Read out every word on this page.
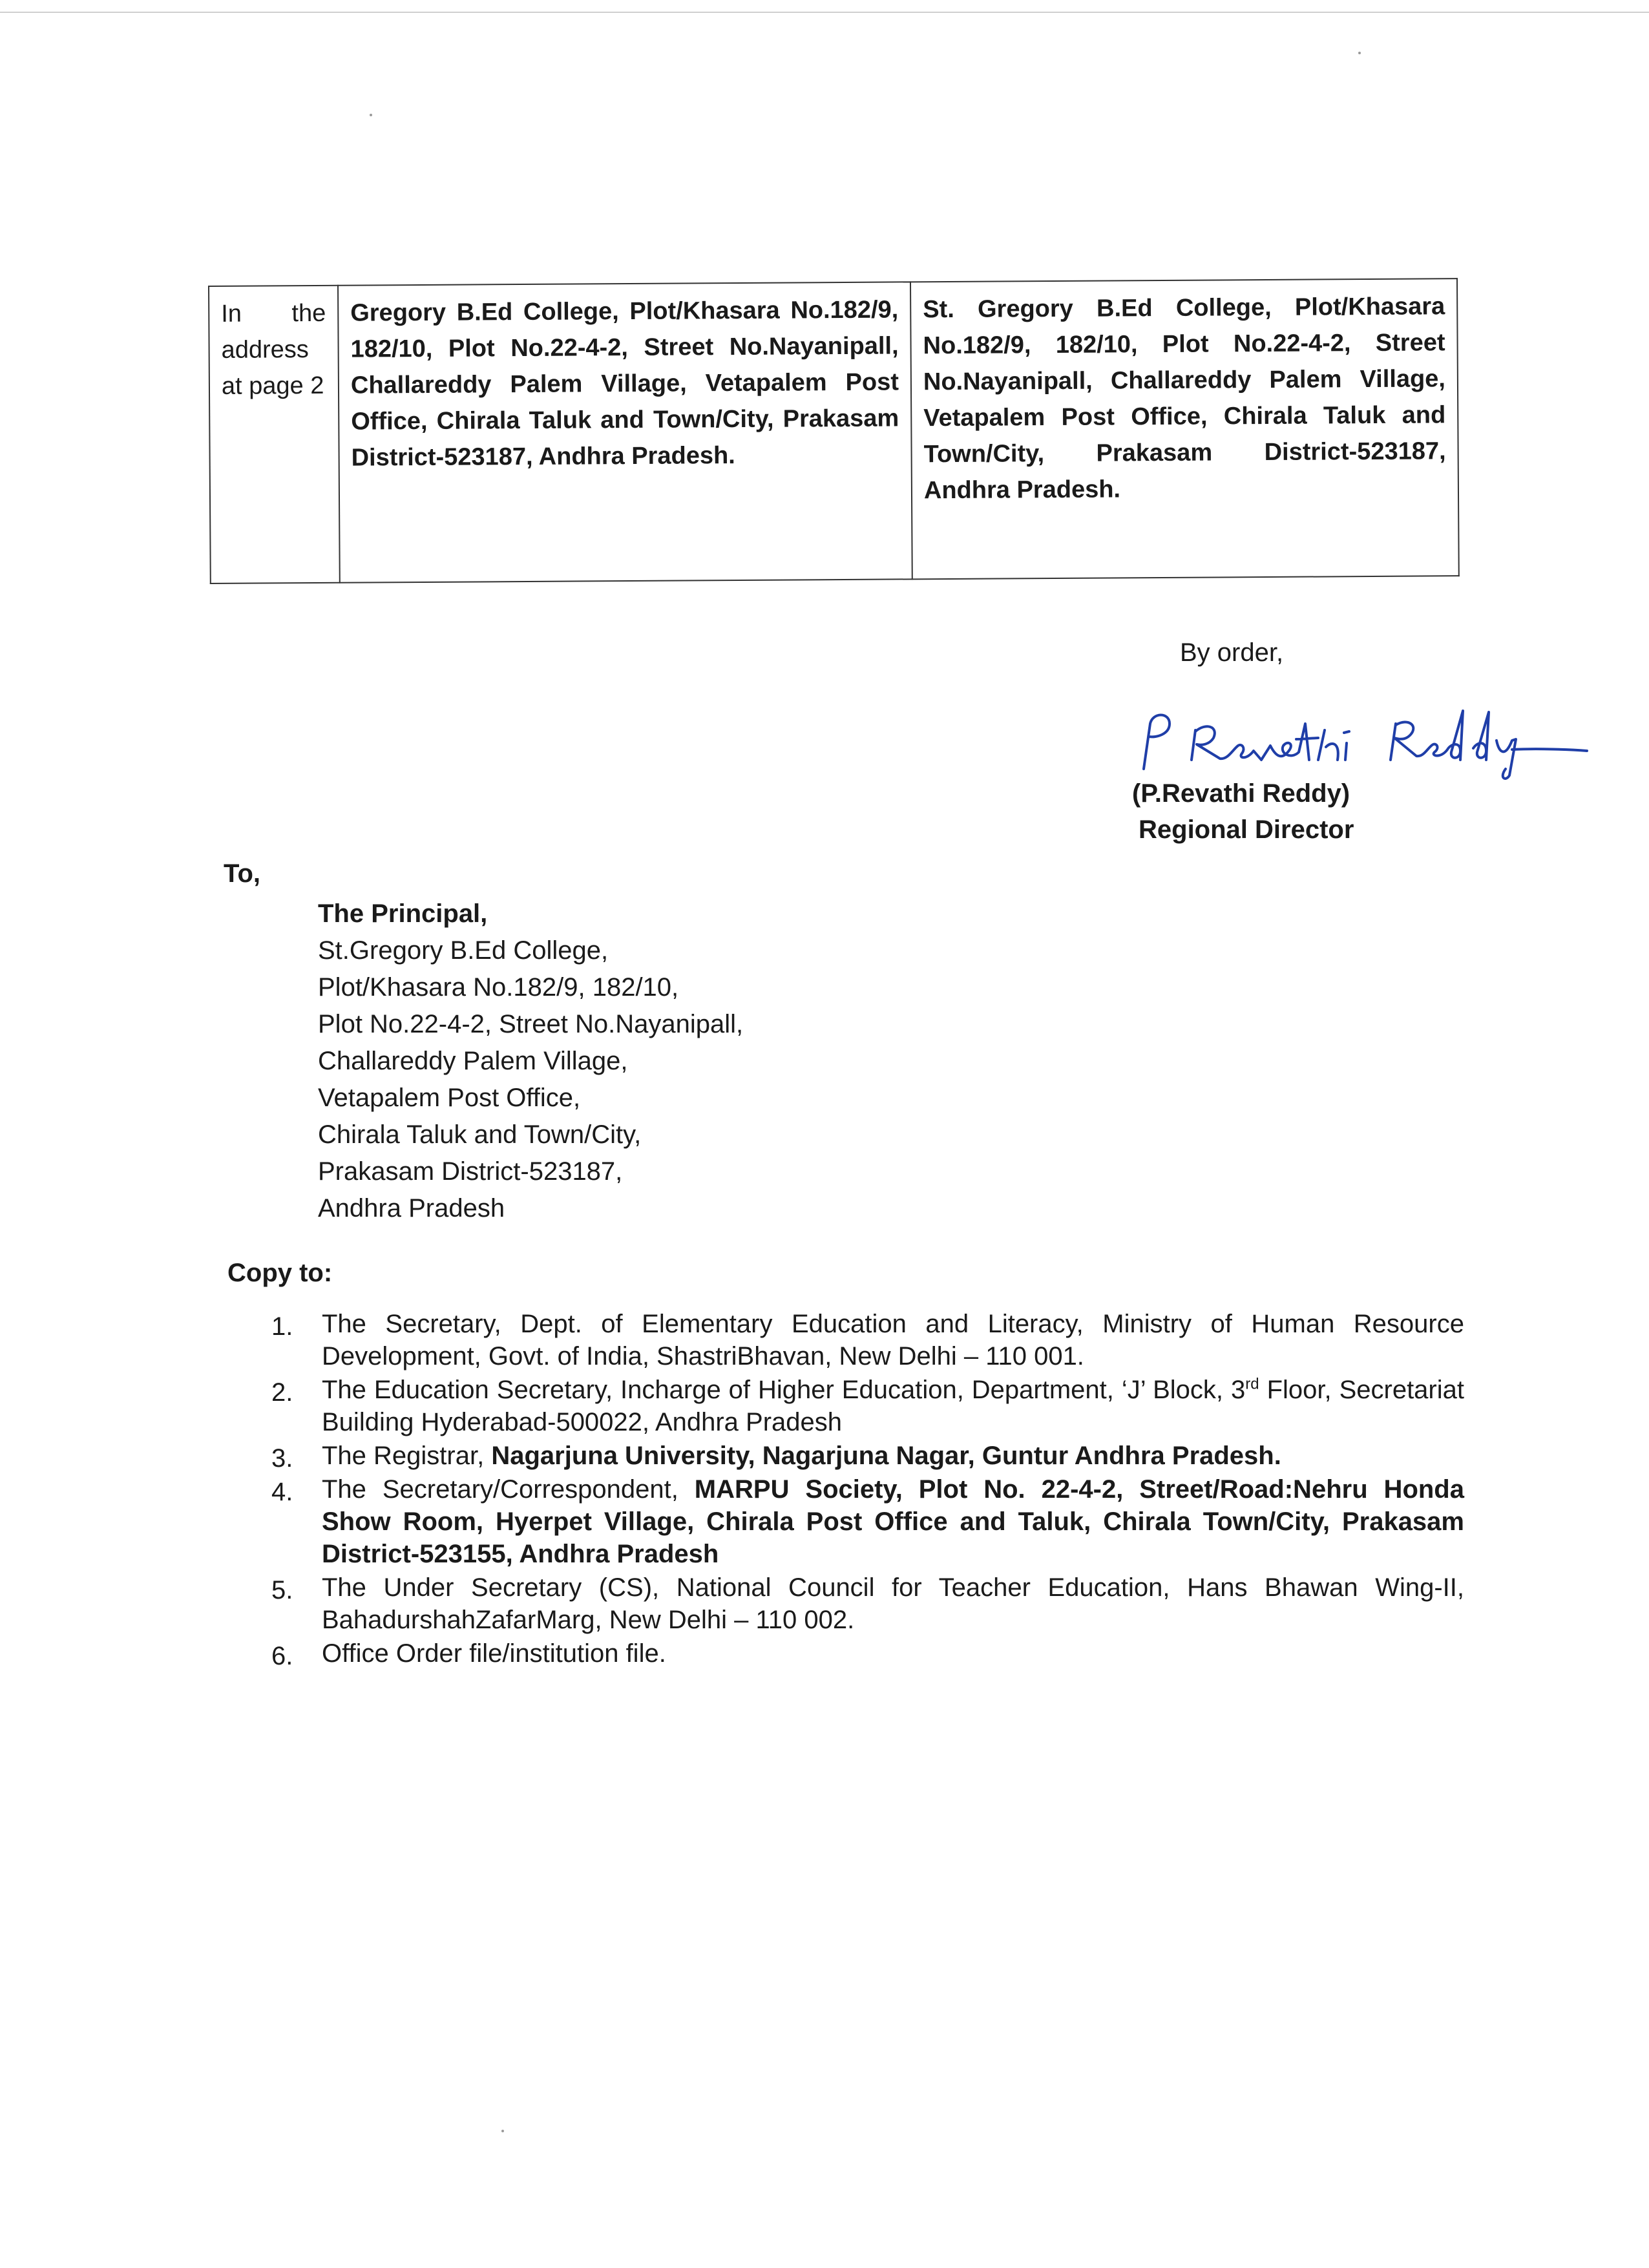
In the address at page 2	Gregory B.Ed College, Plot/Khasara No.182/9, 182/10, Plot No.22-4-2, Street No.Nayanipall, Challareddy Palem Village, Vetapalem Post Office, Chirala Taluk and Town/City, Prakasam District-523187, Andhra Pradesh.	St. Gregory B.Ed College, Plot/Khasara No.182/9, 182/10, Plot No.22-4-2, Street No.Nayanipall, Challareddy Palem Village, Vetapalem Post Office, Chirala Taluk and Town/City, Prakasam District-523187, Andhra Pradesh.
By order,
P Revathi Reddy
(P.Revathi Reddy)
Regional Director
To,
The Principal,
St.Gregory B.Ed College,
Plot/Khasara No.182/9, 182/10,
Plot No.22-4-2, Street No.Nayanipall,
Challareddy Palem Village,
Vetapalem Post Office,
Chirala Taluk and Town/City,
Prakasam District-523187,
Andhra Pradesh
Copy to:
1. The Secretary, Dept. of Elementary Education and Literacy, Ministry of Human Resource Development, Govt. of India, ShastriBhavan, New Delhi – 110 001.
2. The Education Secretary, Incharge of Higher Education, Department, ‘J’ Block, 3rd Floor, Secretariat Building Hyderabad-500022, Andhra Pradesh
3. The Registrar, Nagarjuna University, Nagarjuna Nagar, Guntur Andhra Pradesh.
4. The Secretary/Correspondent, MARPU Society, Plot No. 22-4-2, Street/Road:Nehru Honda Show Room, Hyerpet Village, Chirala Post Office and Taluk, Chirala Town/City, Prakasam District-523155, Andhra Pradesh
5. The Under Secretary (CS), National Council for Teacher Education, Hans Bhawan Wing-II, BahadurshahZafarMarg, New Delhi – 110 002.
6. Office Order file/institution file.
